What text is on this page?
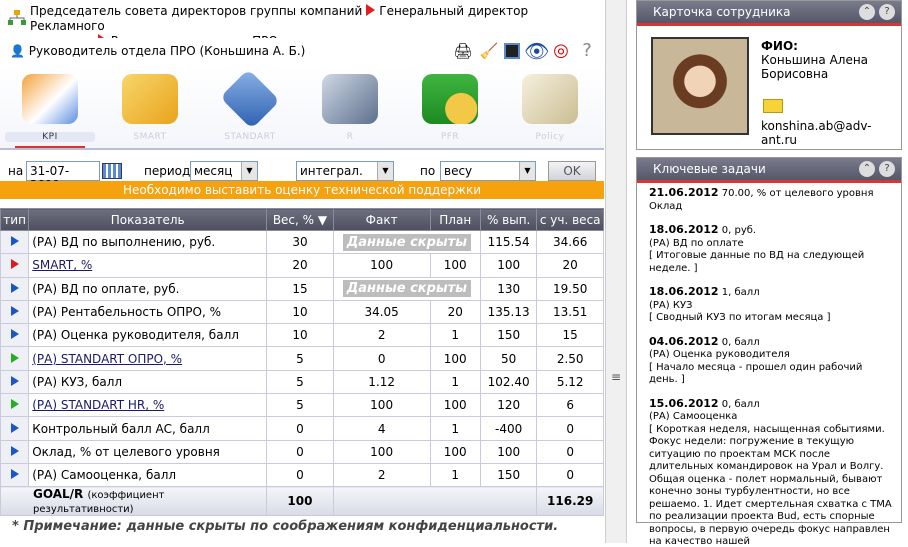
Председатель совета директоров группы компаний Генеральный директор Рекламного

👤 Руководитель отдела ПРО (Коньшина А. Б.)	🖨 🧹 👁 ◎ ?
KPI	SMART	STANDART	R	PFR	Policy
на 31-07-	период месяц	▼	интеграл.	▼	по весу	▼	OK
Необходимо выставить оценку технической поддержки
тип	Показатель	Вес, % ▼	Факт	План	% вып.	с уч. веса
	(РА) ВД по выполнению, руб.	30	Данные скрыты		115.54	34.66
	SMART, %	20	100	100	100	20
	(РА) ВД по оплате, руб.	15	Данные скрыты		130	19.50
	(РА) Рентабельность ОПРО, %	10	34.05	20	135.13	13.51
	(РА) Оценка руководителя, балл	10	2	1	150	15
	(РА) STANDART ОПРО, %	5	0	100	50	2.50
	(РА) КУЗ, балл	5	1.12	1	102.40	5.12
	(РА) STANDART HR, %	5	100	100	120	6
	Контрольный балл АС, балл	0	4	1	-400	0
	Оклад, % от целевого уровня	0	100	100	100	0
	(РА) Самооценка, балл	0	2	1	150	0
GOAL/R (коэффициент результативности)		100				116.29
* Примечание: данные скрыты по соображениям конфиденциальности.
≡
Карточка сотрудника	⌃	?
ФИО:
Коньшина Алена
Борисовна
konshina.ab@adv-ant.ru
Ключевые задачи	⌃	?
21.06.2012 70.00, % от целевого уровня
Оклад
18.06.2012 0, руб.
(РА) ВД по оплате
[ Итоговые данные по ВД на следующей неделе. ]
18.06.2012 1, балл
(РА) КУЗ
[ Сводный КУЗ по итогам месяца ]
04.06.2012 0, балл
(РА) Оценка руководителя
[ Начало месяца - прошел один рабочий день. ]
15.06.2012 0, балл
(РА) Самооценка
[ Короткая неделя, насыщенная событиями. Фокус недели: погружение в текущую ситуацию по проектам МСК после длительных командировок на Урал и Волгу. Общая оценка - полет нормальный, бывают конечно зоны турбулентности, но все решаемо. 1. Идет смертельная схватка с ТМА по реализации проекта Bud, есть спорные вопросы, в первую очередь фокус направлен на качество нашей
